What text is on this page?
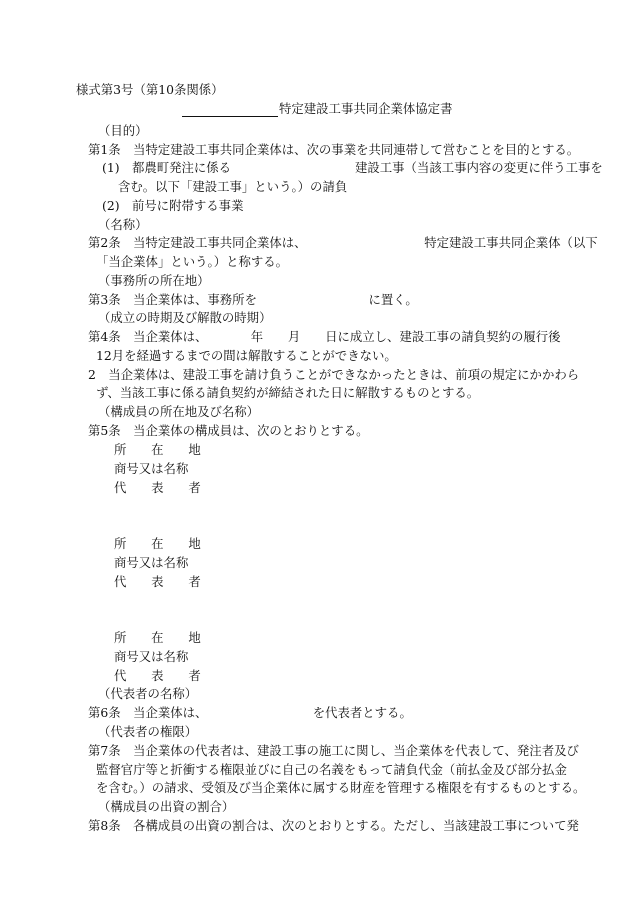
様式第3号（第10条関係）
特定建設工事共同企業体協定書
（目的）
第1条　当特定建設工事共同企業体は、次の事業を共同連帯して営むことを目的とする。
(1)　都農町発注に係る　　　　　　　　　　建設工事（当該工事内容の変更に伴う工事を
含む。以下「建設工事」という。）の請負
(2)　前号に附帯する事業
（名称）
第2条　当特定建設工事共同企業体は、　　　　　　　　　　特定建設工事共同企業体（以下
「当企業体」という。）と称する。
（事務所の所在地）
第3条　当企業体は、事務所を　　　　　　　　　に置く。
（成立の時期及び解散の時期）
第4条　当企業体は、　　　　年　　月　　日に成立し、建設工事の請負契約の履行後
12月を経過するまでの間は解散することができない。
2　当企業体は、建設工事を請け負うことができなかったときは、前項の規定にかかわら
ず、当該工事に係る請負契約が締結された日に解散するものとする。
（構成員の所在地及び名称）
第5条　当企業体の構成員は、次のとおりとする。
所　　在　　地
商号又は名称
代　　表　　者
所　　在　　地
商号又は名称
代　　表　　者
所　　在　　地
商号又は名称
代　　表　　者
（代表者の名称）
第6条　当企業体は、　　　　　　　　　を代表者とする。
（代表者の権限）
第7条　当企業体の代表者は、建設工事の施工に関し、当企業体を代表して、発注者及び
監督官庁等と折衝する権限並びに自己の名義をもって請負代金（前払金及び部分払金
を含む。）の請求、受領及び当企業体に属する財産を管理する権限を有するものとする。
（構成員の出資の割合）
第8条　各構成員の出資の割合は、次のとおりとする。ただし、当該建設工事について発
